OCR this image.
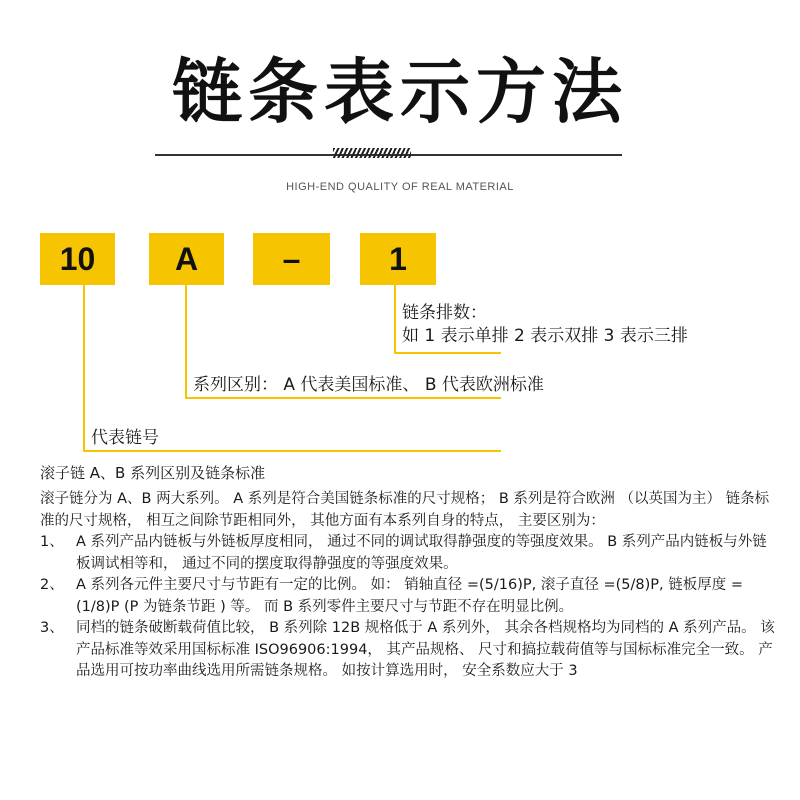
链条表示方法
HIGH-END QUALITY OF REAL MATERIAL
10	A	–	1
链条排数：
如 1 表示单排 2 表示双排 3 表示三排
系列区别： A 代表美国标准、 B 代表欧洲标准
代表链号
滚子链 A、B 系列区别及链条标准

滚子链分为 A、B 两大系列。 A 系列是符合美国链条标准的尺寸规格； B 系列是符合欧洲 （以英国为主） 链条标准的尺寸规格， 相互之间除节距相同外， 其他方面有本系列自身的特点， 主要区别为：

1、 A 系列产品内链板与外链板厚度相同， 通过不同的调试取得静强度的等强度效果。 B 系列产品内链板与外链板调试相等和， 通过不同的摆度取得静强度的等强度效果。
2、 A 系列各元件主要尺寸与节距有一定的比例。 如： 销轴直径 =(5/16)P, 滚子直径 =(5/8)P, 链板厚度 =(1/8)P (P 为链条节距 ) 等。 而 B 系列零件主要尺寸与节距不存在明显比例。
3、 同档的链条破断载荷值比较， B 系列除 12B 规格低于 A 系列外， 其余各档规格均为同档的 A 系列产品。 该产品标准等效采用国标标准 ISO96906:1994， 其产品规格、 尺寸和搞拉载荷值等与国标标准完全一致。 产品选用可按功率曲线选用所需链条规格。 如按计算选用时， 安全系数应大于 3
